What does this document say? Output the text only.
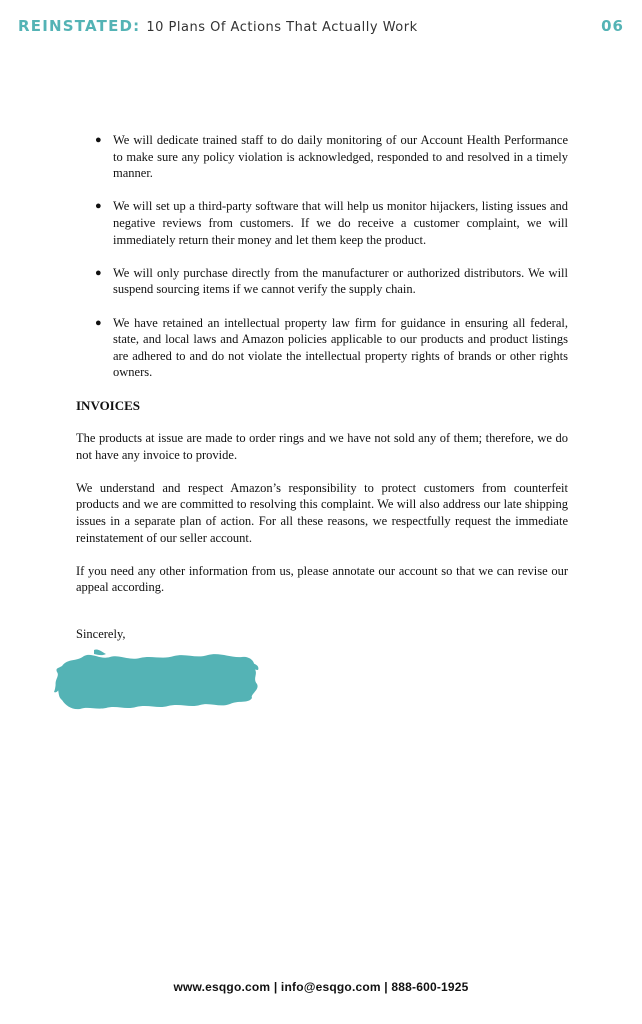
REINSTATED: 10 Plans Of Actions That Actually Work	06
● We will dedicate trained staff to do daily monitoring of our Account Health Performance to make sure any policy violation is acknowledged, responded to and resolved in a timely manner.
● We will set up a third-party software that will help us monitor hijackers, listing issues and negative reviews from customers. If we do receive a customer complaint, we will immediately return their money and let them keep the product.
● We will only purchase directly from the manufacturer or authorized distributors. We will suspend sourcing items if we cannot verify the supply chain.
● We have retained an intellectual property law firm for guidance in ensuring all federal, state, and local laws and Amazon policies applicable to our products and product listings are adhered to and do not violate the intellectual property rights of brands or other rights owners.
INVOICES

The products at issue are made to order rings and we have not sold any of them; therefore, we do not have any invoice to provide.

We understand and respect Amazon’s responsibility to protect customers from counterfeit products and we are committed to resolving this complaint. We will also address our late shipping issues in a separate plan of action. For all these reasons, we respectfully request the immediate reinstatement of our seller account.

If you need any other information from us, please annotate our account so that we can revise our appeal according.

Sincerely,

www.esqgo.com | info@esqgo.com | 888-600-1925
